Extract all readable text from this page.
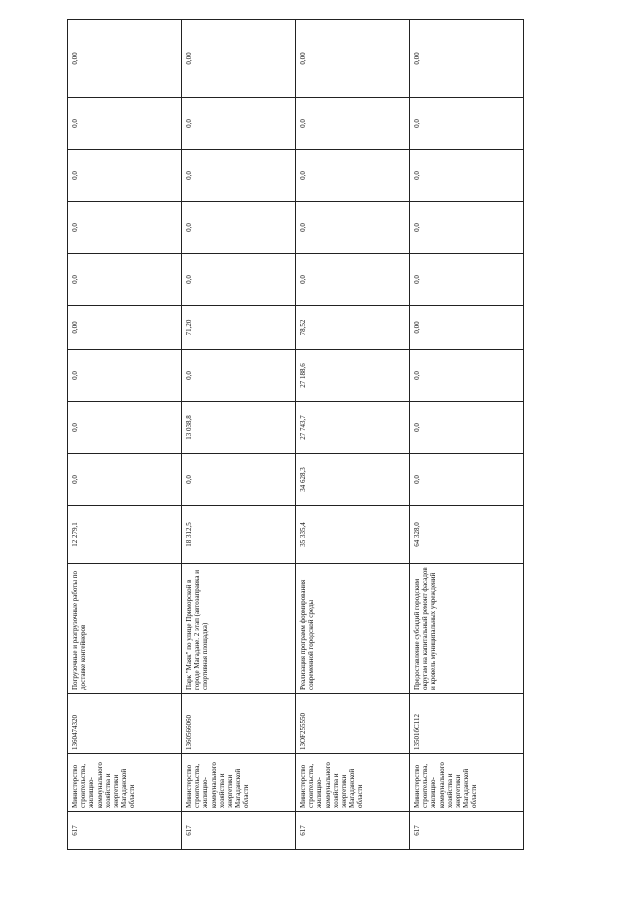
617	Министерство строительства, жилищно-коммунального хозяйства и энергетики Магаданской области	1360474320	Погрузочные и разгрузочные работы по доставке контейнеров	12 279,1	0,0	0,0	0,0	0,00	0,0	0,0	0,0	0,0	0,00
617	Министерство строительства, жилищно-коммунального хозяйства и энергетики Магаданской области	1360566060	Парк "Маяк" по улице Приморской в городе Магадане. 2 этап (автозаправка и спортивная площадка)	18 312,5	0,0	13 038,8	0,0	71,20	0,0	0,0	0,0	0,0	0,00
617	Министерство строительства, жилищно-коммунального хозяйства и энергетики Магаданской области	13ОF255550	Реализация программ формирования современной городской среды	35 335,4	34 628,3	27 743,7	27 188,6	78,52	0,0	0,0	0,0	0,0	0,00
617	Министерство строительства, жилищно-коммунального хозяйства и энергетики Магаданской области	13501бС112	Предоставление субсидий городским округам на капитальный ремонт фасадов и кровель муниципальных учреждений	64 328,0	0,0	0,0	0,0	0,00	0,0	0,0	0,0	0,0	0,00
